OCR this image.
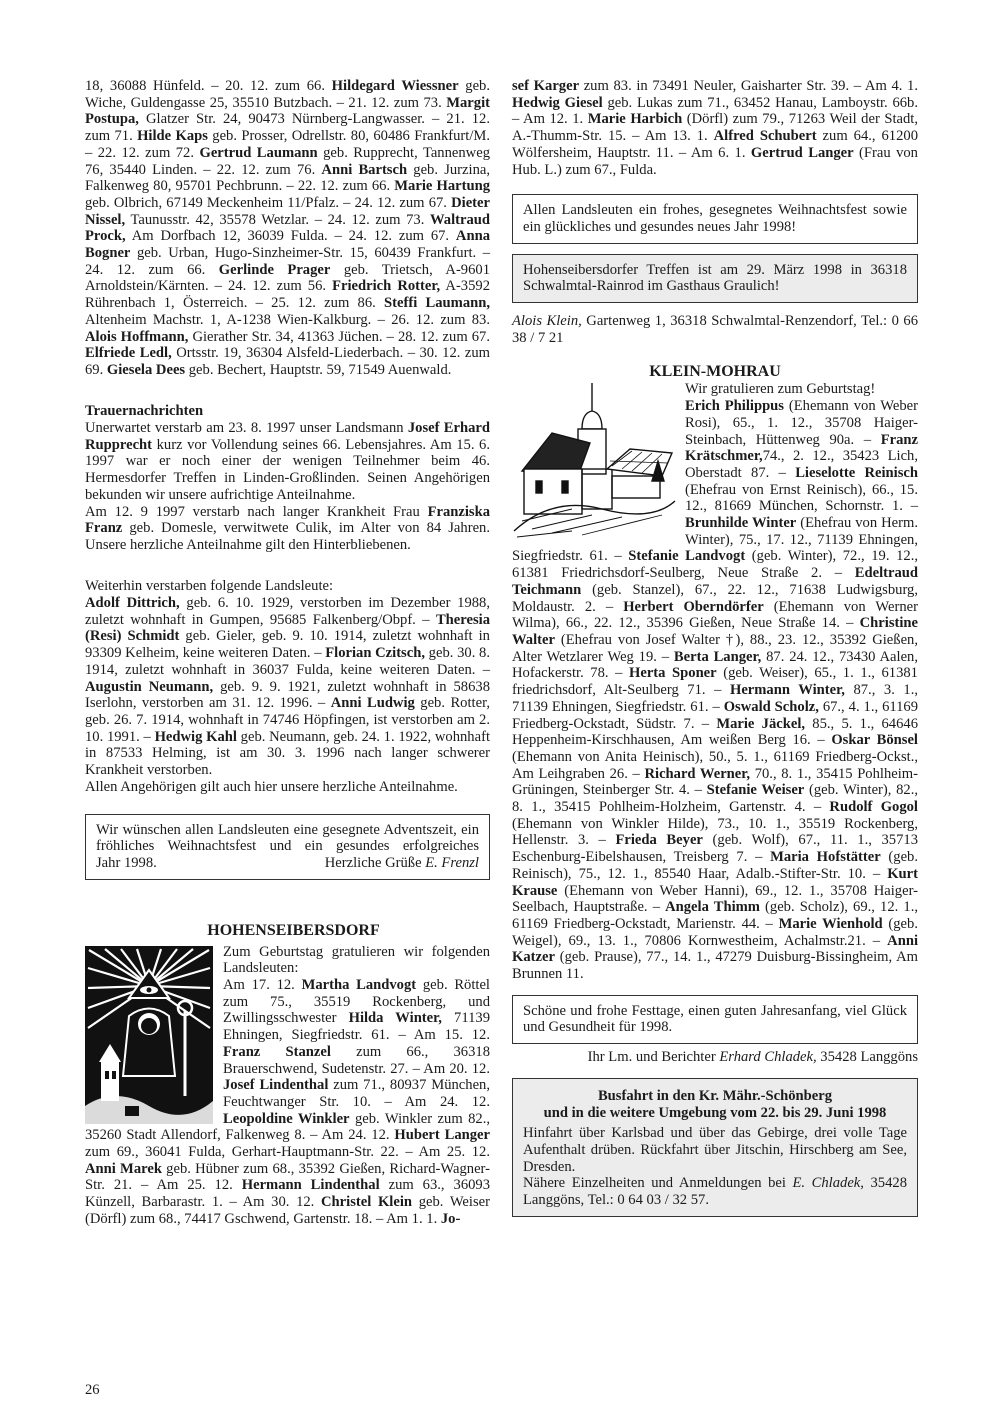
18, 36088 Hünfeld. – 20. 12. zum 66. Hildegard Wiessner geb. Wiche, Guldengasse 25, 35510 Butzbach. – 21. 12. zum 73. Margit Postupa, Glatzer Str. 24, 90473 Nürnberg-Langwasser. – 21. 12. zum 71. Hilde Kaps geb. Prosser, Odrellstr. 80, 60486 Frankfurt/M. – 22. 12. zum 72. Gertrud Laumann geb. Rupprecht, Tannenweg 76, 35440 Linden. – 22. 12. zum 76. Anni Bartsch geb. Jurzina, Falkenweg 80, 95701 Pechbrunn. – 22. 12. zum 66. Marie Hartung geb. Olbrich, 67149 Meckenheim 11/Pfalz. – 24. 12. zum 67. Dieter Nissel, Taunusstr. 42, 35578 Wetzlar. – 24. 12. zum 73. Waltraud Prock, Am Dorfbach 12, 36039 Fulda. – 24. 12. zum 67. Anna Bogner geb. Urban, Hugo-Sinzheimer-Str. 15, 60439 Frankfurt. – 24. 12. zum 66. Gerlinde Prager geb. Trietsch, A-9601 Arnoldstein/Kärnten. – 24. 12. zum 56. Friedrich Rotter, A-3592 Rührenbach 1, Österreich. – 25. 12. zum 86. Steffi Laumann, Altenheim Machstr. 1, A-1238 Wien-Kalkburg. – 26. 12. zum 83. Alois Hoffmann, Gierather Str. 34, 41363 Jüchen. – 28. 12. zum 67. Elfriede Ledl, Ortsstr. 19, 36304 Alsfeld-Liederbach. – 30. 12. zum 69. Giesela Dees geb. Bechert, Hauptstr. 59, 71549 Auenwald.

Trauernachrichten

Unerwartet verstarb am 23. 8. 1997 unser Landsmann Josef Erhard Rupprecht kurz vor Vollendung seines 66. Lebensjahres. Am 15. 6. 1997 war er noch einer der wenigen Teilnehmer beim 46. Hermesdorfer Treffen in Linden-Großlinden. Seinen Angehörigen bekunden wir unsere aufrichtige Anteilnahme.

Am 12. 9 1997 verstarb nach langer Krankheit Frau Franziska Franz geb. Domesle, verwitwete Culik, im Alter von 84 Jahren. Unsere herzliche Anteilnahme gilt den Hinterbliebenen.

Weiterhin verstarben folgende Landsleute:

Adolf Dittrich, geb. 6. 10. 1929, verstorben im Dezember 1988, zuletzt wohnhaft in Gumpen, 95685 Falkenberg/Obpf. – Theresia (Resi) Schmidt geb. Gieler, geb. 9. 10. 1914, zuletzt wohnhaft in 93309 Kelheim, keine weiteren Daten. – Florian Czitsch, geb. 30. 8. 1914, zuletzt wohnhaft in 36037 Fulda, keine weiteren Daten. – Augustin Neumann, geb. 9. 9. 1921, zuletzt wohnhaft in 58638 Iserlohn, verstorben am 31. 12. 1996. – Anni Ludwig geb. Rotter, geb. 26. 7. 1914, wohnhaft in 74746 Höpfingen, ist verstorben am 2. 10. 1991. – Hedwig Kahl geb. Neumann, geb. 24. 1. 1922, wohnhaft in 87533 Helming, ist am 30. 3. 1996 nach langer schwerer Krankheit verstorben.

Allen Angehörigen gilt auch hier unsere herzliche Anteilnahme.

Wir wünschen allen Landsleuten eine gesegnete Adventszeit, ein fröhliches Weihnachtsfest und ein gesundes erfolgreiches

Jahr 1998.	Herzliche Grüße E. Frenzl
HOHENSEIBERSDORF

Zum Geburtstag gratulieren wir folgenden Landsleuten:

Am 17. 12. Martha Landvogt geb. Röttel zum 75., 35519 Rockenberg, und Zwillingsschwester Hilda Winter, 71139 Ehningen, Siegfriedstr. 61. – Am 15. 12. Franz Stanzel zum 66., 36318 Brauerschwend, Sudetenstr. 27. – Am 20. 12. Josef Lindenthal zum 71., 80937 München, Feuchtwanger Str. 10. – Am 24. 12. Leopoldine Winkler geb. Winkler zum 82., 35260 Stadt Allendorf, Falkenweg 8. – Am 24. 12. Hubert Langer zum 69., 36041 Fulda, Gerhart-Hauptmann-Str. 22. – Am 25. 12. Anni Marek geb. Hübner zum 68., 35392 Gießen, Richard-Wagner-Str. 21. – Am 25. 12. Hermann Lindenthal zum 63., 36093 Künzell, Barbarastr. 1. – Am 30. 12. Christel Klein geb. Weiser (Dörfl) zum 68., 74417 Gschwend, Gartenstr. 18. – Am 1. 1. Jo-

sef Karger zum 83. in 73491 Neuler, Gaisharter Str. 39. – Am 4. 1. Hedwig Giesel geb. Lukas zum 71., 63452 Hanau, Lamboystr. 66b. – Am 12. 1. Marie Harbich (Dörfl) zum 79., 71263 Weil der Stadt, A.-Thumm-Str. 15. – Am 13. 1. Alfred Schubert zum 64., 61200 Wölfersheim, Hauptstr. 11. – Am 6. 1. Gertrud Langer (Frau von Hub. L.) zum 67., Fulda.

Allen Landsleuten ein frohes, gesegnetes Weihnachtsfest sowie ein glückliches und gesundes neues Jahr 1998!

Hohenseibersdorfer Treffen ist am 29. März 1998 in 36318 Schwalmtal-Rainrod im Gasthaus Graulich!

Alois Klein, Gartenweg 1, 36318 Schwalmtal-Renzendorf, Tel.: 0 66 38 / 7 21

KLEIN-MOHRAU

Wir gratulieren zum Geburtstag!

Erich Philippus (Ehemann von Weber Rosi), 65., 1. 12., 35708 Haiger-Steinbach, Hüttenweg 90a. – Franz Krätschmer,74., 2. 12., 35423 Lich, Oberstadt 87. – Lieselotte Reinisch (Ehefrau von Ernst Reinisch), 66., 15. 12., 81669 München, Schornstr. 1. – Brunhilde Winter (Ehefrau von Herm. Winter), 75., 17. 12., 71139 Ehningen, Siegfriedstr. 61. – Stefanie Landvogt (geb. Winter), 72., 19. 12., 61381 Friedrichsdorf-Seulberg, Neue Straße 2. – Edeltraud Teichmann (geb. Stanzel), 67., 22. 12., 71638 Ludwigsburg, Moldaustr. 2. – Herbert Oberndörfer (Ehemann von Werner Wilma), 66., 22. 12., 35396 Gießen, Neue Straße 14. – Christine Walter (Ehefrau von Josef Walter †), 88., 23. 12., 35392 Gießen, Alter Wetzlarer Weg 19. – Berta Langer, 87. 24. 12., 73430 Aalen, Hofackerstr. 78. – Herta Sponer (geb. Weiser), 65., 1. 1., 61381 friedrichsdorf, Alt-Seulberg 71. – Hermann Winter, 87., 3. 1., 71139 Ehningen, Siegfriedstr. 61. – Oswald Scholz, 67., 4. 1., 61169 Friedberg-Ockstadt, Südstr. 7. – Marie Jäckel, 85., 5. 1., 64646 Heppenheim-Kirschhausen, Am weißen Berg 16. – Oskar Bönsel (Ehemann von Anita Heinisch), 50., 5. 1., 61169 Friedberg-Ockst., Am Leihgraben 26. – Richard Werner, 70., 8. 1., 35415 Pohlheim-Grüningen, Steinberger Str. 4. – Stefanie Weiser (geb. Winter), 82., 8. 1., 35415 Pohlheim-Holzheim, Gartenstr. 4. – Rudolf Gogol (Ehemann von Winkler Hilde), 73., 10. 1., 35519 Rockenberg, Hellenstr. 3. – Frieda Beyer (geb. Wolf), 67., 11. 1., 35713 Eschenburg-Eibelshausen, Treisberg 7. – Maria Hofstätter (geb. Reinisch), 75., 12. 1., 85540 Haar, Adalb.-Stifter-Str. 10. – Kurt Krause (Ehemann von Weber Hanni), 69., 12. 1., 35708 Haiger-Seelbach, Hauptstraße. – Angela Thimm (geb. Scholz), 69., 12. 1., 61169 Friedberg-Ockstadt, Marienstr. 44. – Marie Wienhold (geb. Weigel), 69., 13. 1., 70806 Kornwestheim, Achalmstr.21. – Anni Katzer (geb. Prause), 77., 14. 1., 47279 Duisburg-Bissingheim, Am Brunnen 11.

Schöne und frohe Festtage, einen guten Jahresanfang, viel Glück und Gesundheit für 1998.

Ihr Lm. und Berichter Erhard Chladek, 35428 Langgöns

Busfahrt in den Kr. Mähr.-Schönberg
und in die weitere Umgebung vom 22. bis 29. Juni 1998

Hinfahrt über Karlsbad und über das Gebirge, drei volle Tage Aufenthalt drüben. Rückfahrt über Jitschin, Hirschberg am See, Dresden.

Nähere Einzelheiten und Anmeldungen bei E. Chladek, 35428 Langgöns, Tel.: 0 64 03 / 32 57.

26
